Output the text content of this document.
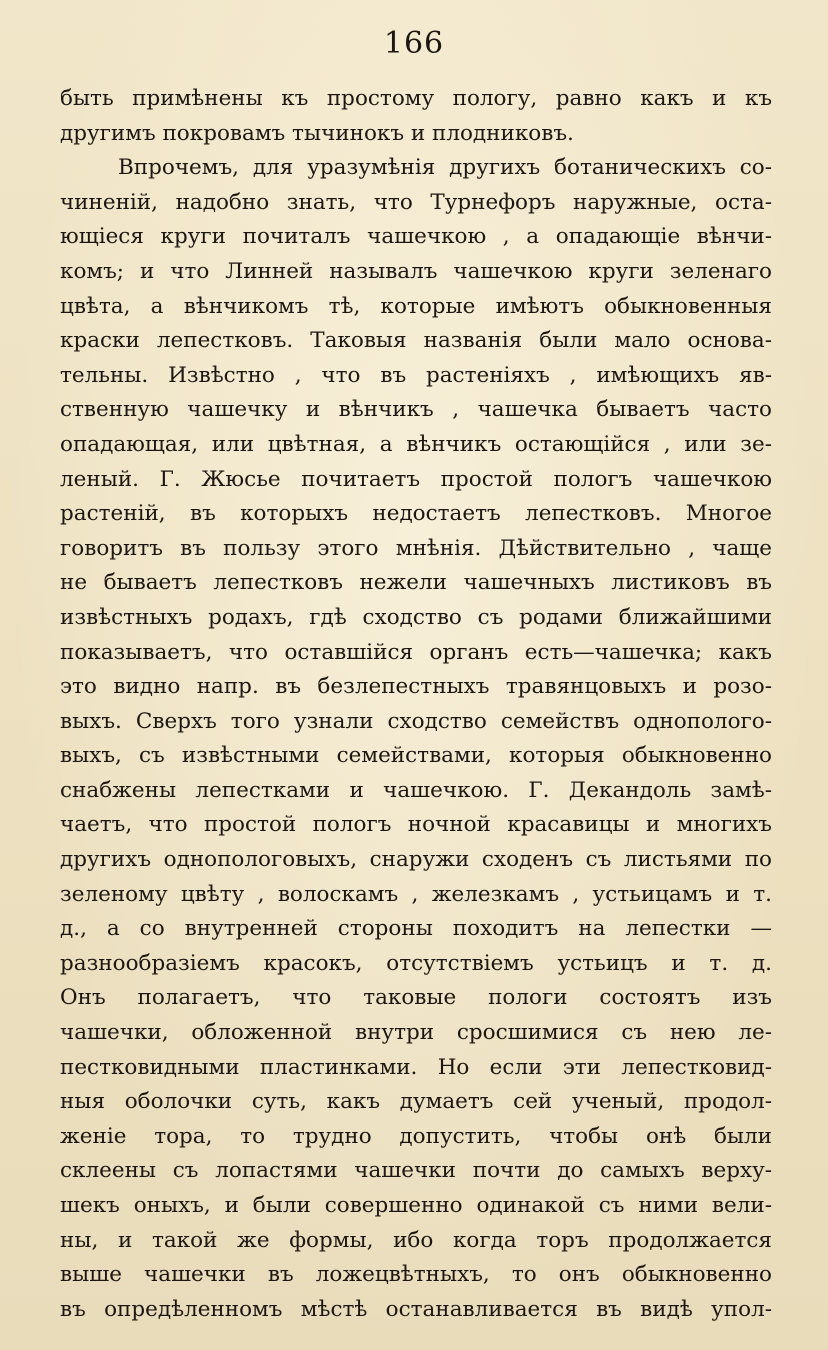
166
быть примѣнены къ простому пологу, равно какъ и къ
другимъ покровамъ тычинокъ и плодниковъ.
Впрочемъ, для уразумѣнія другихъ ботаническихъ со-
чиненій, надобно знать, что Турнефоръ наружные, оста-
ющіеся круги почиталъ чашечкою , а опадающіе вѣнчи-
комъ; и что Линней называлъ чашечкою круги зеленаго
цвѣта, а вѣнчикомъ тѣ, которые имѣютъ обыкновенныя
краски лепестковъ. Таковыя названія были мало основа-
тельны. Извѣстно , что въ растеніяхъ , имѣющихъ яв-
ственную чашечку и вѣнчикъ , чашечка бываетъ часто
опадающая, или цвѣтная, а вѣнчикъ остающійся , или зе-
леный. Г. Жюсье почитаетъ простой пологъ чашечкою
растеній, въ которыхъ недостаетъ лепестковъ. Многое
говоритъ въ пользу этого мнѣнія. Дѣйствительно , чаще
не бываетъ лепестковъ нежели чашечныхъ листиковъ въ
извѣстныхъ родахъ, гдѣ сходство съ родами ближайшими
показываетъ, что оставшійся органъ есть—чашечка; какъ
это видно напр. въ безлепестныхъ травянцовыхъ и розо-
выхъ. Сверхъ того узнали сходство семействъ однополого-
выхъ, съ извѣстными семействами, которыя обыкновенно
снабжены лепестками и чашечкою. Г. Декандоль замѣ-
чаетъ, что простой пологъ ночной красавицы и многихъ
другихъ однопологовыхъ, снаружи сходенъ съ листьями по
зеленому цвѣту , волоскамъ , железкамъ , устьицамъ и т.
д., а со внутренней стороны походитъ на лепестки —
разнообразіемъ красокъ, отсутствіемъ устьицъ и т. д.
Онъ полагаетъ, что таковые пологи состоятъ изъ
чашечки, обложенной внутри сросшимися съ нею ле-
пестковидными пластинками. Но если эти лепестковид-
ныя оболочки суть, какъ думаетъ сей ученый, продол-
женіе тора, то трудно допустить, чтобы онѣ были
склеены съ лопастями чашечки почти до самыхъ верху-
шекъ оныхъ, и были совершенно одинакой съ ними вели-
ны, и такой же формы, ибо когда торъ продолжается
выше чашечки въ ложецвѣтныхъ, то онъ обыкновенно
въ опредѣленномъ мѣстѣ останавливается въ видѣ упол-
